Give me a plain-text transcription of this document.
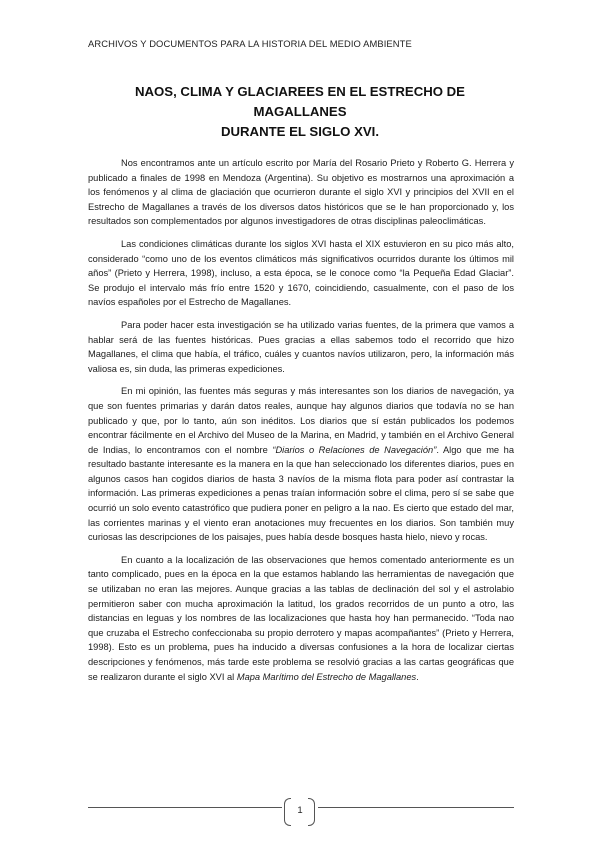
ARCHIVOS Y DOCUMENTOS PARA LA HISTORIA DEL MEDIO AMBIENTE
NAOS, CLIMA Y GLACIAREES EN EL ESTRECHO DE MAGALLANES
DURANTE EL SIGLO XVI.

Nos encontramos ante un artículo escrito por María del Rosario Prieto y Roberto G. Herrera y publicado a finales de 1998 en Mendoza (Argentina). Su objetivo es mostrarnos una aproximación a los fenómenos y al clima de glaciación que ocurrieron durante el siglo XVI y principios del XVII en el Estrecho de Magallanes a través de los diversos datos históricos que se le han proporcionado y, los resultados son complementados por algunos investigadores de otras disciplinas paleoclimáticas.

Las condiciones climáticas durante los siglos XVI hasta el XIX estuvieron en su pico más alto, considerado “como uno de los eventos climáticos más significativos ocurridos durante los últimos mil años” (Prieto y Herrera, 1998), incluso, a esta época, se le conoce como “la Pequeña Edad Glaciar”. Se produjo el intervalo más frío entre 1520 y 1670, coincidiendo, casualmente, con el paso de los navíos españoles por el Estrecho de Magallanes.

Para poder hacer esta investigación se ha utilizado varias fuentes, de la primera que vamos a hablar será de las fuentes históricas. Pues gracias a ellas sabemos todo el recorrido que hizo Magallanes, el clima que había, el tráfico, cuáles y cuantos navíos utilizaron, pero, la información más valiosa es, sin duda, las primeras expediciones.

En mi opinión, las fuentes más seguras y más interesantes son los diarios de navegación, ya que son fuentes primarias y darán datos reales, aunque hay algunos diarios que todavía no se han publicado y que, por lo tanto, aún son inéditos. Los diarios que sí están publicados los podemos encontrar fácilmente en el Archivo del Museo de la Marina, en Madrid, y también en el Archivo General de Indias, lo encontramos con el nombre “Diarios o Relaciones de Navegación”. Algo que me ha resultado bastante interesante es la manera en la que han seleccionado los diferentes diarios, pues en algunos casos han cogidos diarios de hasta 3 navíos de la misma flota para poder así contrastar la información. Las primeras expediciones a penas traían información sobre el clima, pero sí se sabe que ocurrió un solo evento catastrófico que pudiera poner en peligro a la nao. Es cierto que estado del mar, las corrientes marinas y el viento eran anotaciones muy frecuentes en los diarios. Son también muy curiosas las descripciones de los paisajes, pues había desde bosques hasta hielo, nievo y rocas.

En cuanto a la localización de las observaciones que hemos comentado anteriormente es un tanto complicado, pues en la época en la que estamos hablando las herramientas de navegación que se utilizaban no eran las mejores. Aunque gracias a las tablas de declinación del sol y el astrolabio permitieron saber con mucha aproximación la latitud, los grados recorridos de un punto a otro, las distancias en leguas y los nombres de las localizaciones que hasta hoy han permanecido. “Toda nao que cruzaba el Estrecho confeccionaba su propio derrotero y mapas acompañantes” (Prieto y Herrera, 1998). Esto es un problema, pues ha inducido a diversas confusiones a la hora de localizar ciertas descripciones y fenómenos, más tarde este problema se resolvió gracias a las cartas geográficas que se realizaron durante el siglo XVI al Mapa Marítimo del Estrecho de Magallanes.

1
